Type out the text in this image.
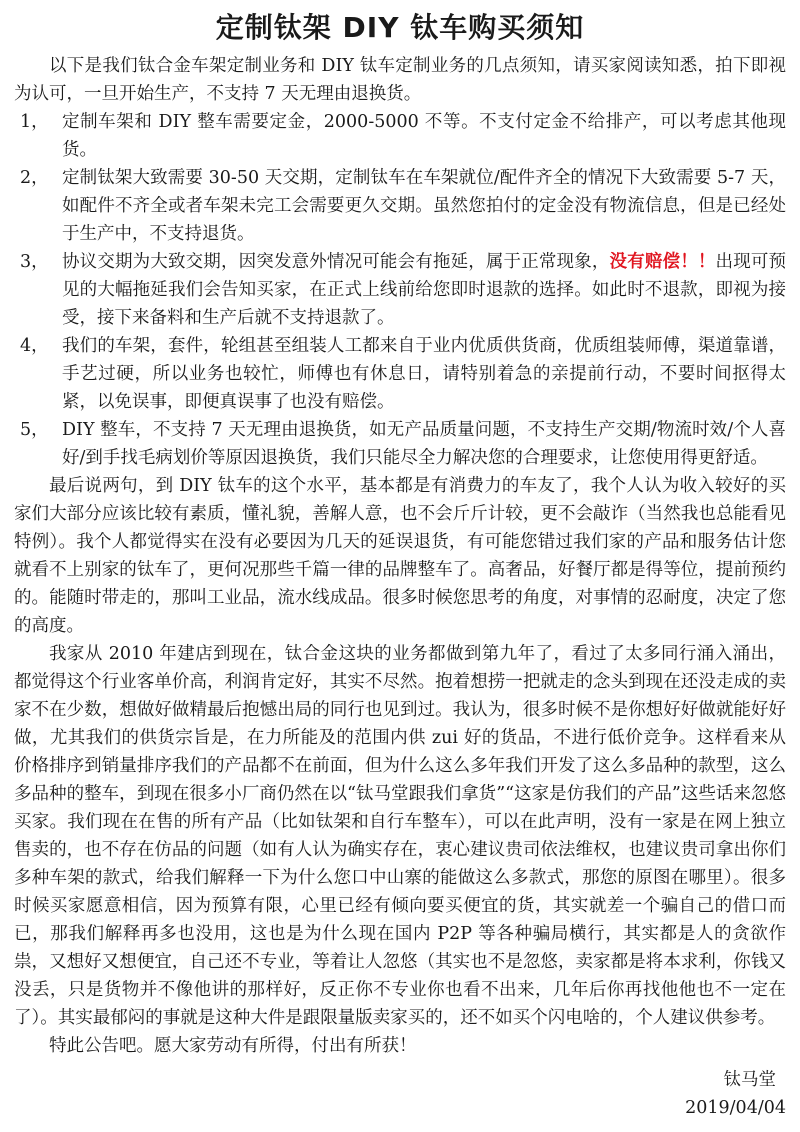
定制钛架 DIY 钛车购买须知

以下是我们钛合金车架定制业务和 DIY 钛车定制业务的几点须知，请买家阅读知悉，拍下即视为认可，一旦开始生产，不支持 7 天无理由退换货。

1， 定制车架和 DIY 整车需要定金，2000-5000 不等。不支付定金不给排产，可以考虑其他现货。
2， 定制钛架大致需要 30-50 天交期，定制钛车在车架就位/配件齐全的情况下大致需要 5-7 天，如配件不齐全或者车架未完工会需要更久交期。虽然您拍付的定金没有物流信息，但是已经处于生产中，不支持退货。
3， 协议交期为大致交期，因突发意外情况可能会有拖延，属于正常现象，没有赔偿！！出现可预见的大幅拖延我们会告知买家，在正式上线前给您即时退款的选择。如此时不退款，即视为接受，接下来备料和生产后就不支持退款了。
4， 我们的车架，套件，轮组甚至组装人工都来自于业内优质供货商，优质组装师傅，渠道靠谱，手艺过硬，所以业务也较忙，师傅也有休息日，请特别着急的亲提前行动，不要时间抠得太紧，以免误事，即便真误事了也没有赔偿。
5， DIY 整车，不支持 7 天无理由退换货，如无产品质量问题，不支持生产交期/物流时效/个人喜好/到手找毛病划价等原因退换货，我们只能尽全力解决您的合理要求，让您使用得更舒适。

最后说两句，到 DIY 钛车的这个水平，基本都是有消费力的车友了，我个人认为收入较好的买家们大部分应该比较有素质，懂礼貌，善解人意，也不会斤斤计较，更不会敲诈（当然我也总能看见特例）。我个人都觉得实在没有必要因为几天的延误退货，有可能您错过我们家的产品和服务估计您就看不上别家的钛车了，更何况那些千篇一律的品牌整车了。高奢品，好餐厅都是得等位，提前预约的。能随时带走的，那叫工业品，流水线成品。很多时候您思考的角度，对事情的忍耐度，决定了您的高度。

我家从 2010 年建店到现在，钛合金这块的业务都做到第九年了，看过了太多同行涌入涌出，都觉得这个行业客单价高，利润肯定好，其实不尽然。抱着想捞一把就走的念头到现在还没走成的卖家不在少数，想做好做精最后抱憾出局的同行也见到过。我认为，很多时候不是你想好好做就能好好做，尤其我们的供货宗旨是，在力所能及的范围内供 zui 好的货品，不进行低价竞争。这样看来从价格排序到销量排序我们的产品都不在前面，但为什么这么多年我们开发了这么多品种的款型，这么多品种的整车，到现在很多小厂商仍然在以“钛马堂跟我们拿货”“这家是仿我们的产品”这些话来忽悠买家。我们现在在售的所有产品（比如钛架和自行车整车），可以在此声明，没有一家是在网上独立售卖的，也不存在仿品的问题（如有人认为确实存在，衷心建议贵司依法维权，也建议贵司拿出你们多种车架的款式，给我们解释一下为什么您口中山寨的能做这么多款式，那您的原图在哪里）。很多时候买家愿意相信，因为预算有限，心里已经有倾向要买便宜的货，其实就差一个骗自己的借口而已，那我们解释再多也没用，这也是为什么现在国内 P2P 等各种骗局横行，其实都是人的贪欲作祟，又想好又想便宜，自己还不专业，等着让人忽悠（其实也不是忽悠，卖家都是将本求利，你钱又没丢，只是货物并不像他讲的那样好，反正你不专业你也看不出来，几年后你再找他他也不一定在了）。其实最郁闷的事就是这种大件是跟限量版卖家买的，还不如买个闪电啥的，个人建议供参考。

特此公告吧。愿大家劳动有所得，付出有所获！

钛马堂
2019/04/04
